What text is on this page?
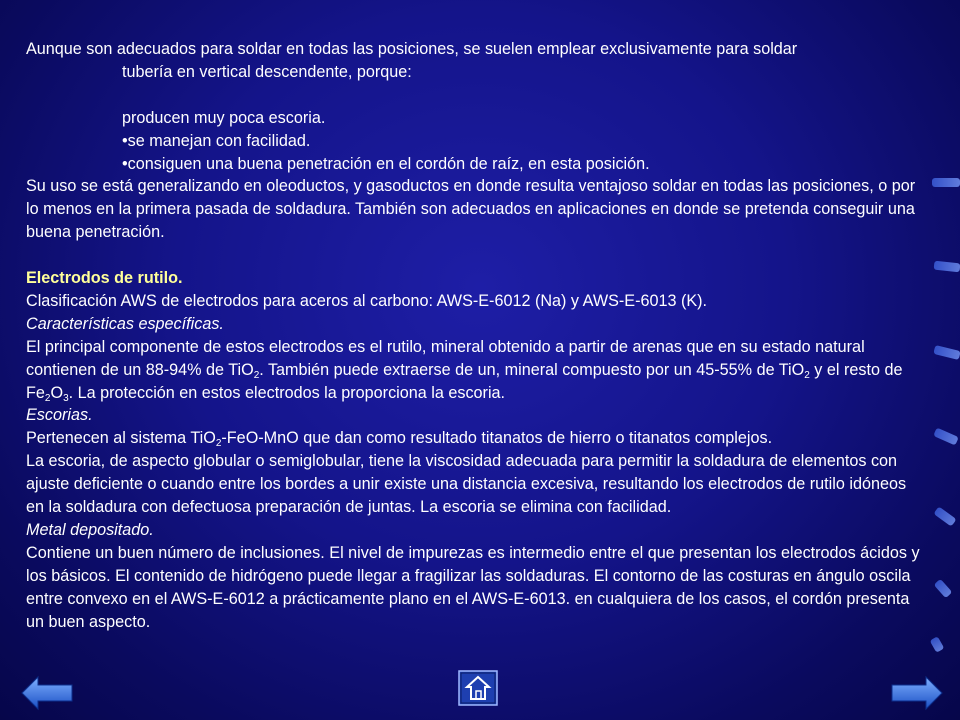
Aunque son adecuados para soldar en todas las posiciones, se suelen emplear exclusivamente para soldar

tubería en vertical descendente, porque:

producen muy poca escoria.

•se manejan con facilidad.

•consiguen una buena penetración en el cordón de raíz, en esta posición.

Su uso se está generalizando en oleoductos, y gasoductos en donde resulta ventajoso soldar en todas las posiciones, o por lo menos en la primera pasada de soldadura. También son adecuados en aplicaciones en donde se pretenda conseguir una buena penetración.

Electrodos de rutilo.

Clasificación AWS de electrodos para aceros al carbono: AWS-E-6012 (Na) y AWS-E-6013 (K).

Características específicas.

El principal componente de estos electrodos es el rutilo, mineral obtenido a partir de arenas que en su estado natural contienen de un 88-94% de TiO$_2$. También puede extraerse de un, mineral compuesto por un 45-55% de TiO$_2$ y el resto de $Fe_2O_3$. La protección en estos electrodos la proporciona la escoria.

Escorias.

Pertenecen al sistema TiO$_2$-FeO-MnO que dan como resultado titanatos de hierro o titanatos complejos.

La escoria, de aspecto globular o semiglobular, tiene la viscosidad adecuada para permitir la soldadura de elementos con ajuste deficiente o cuando entre los bordes a unir existe una distancia excesiva, resultando los electrodos de rutilo idóneos en la soldadura con defectuosa preparación de juntas. La escoria se elimina con facilidad.

Metal depositado.

Contiene un buen número de inclusiones. El nivel de impurezas es intermedio entre el que presentan los electrodos ácidos y los básicos. El contenido de hidrógeno puede llegar a fragilizar las soldaduras. El contorno de las costuras en ángulo oscila entre convexo en el AWS-E-6012 a prácticamente plano en el AWS-E-6013. en cualquiera de los casos, el cordón presenta un buen aspecto.
